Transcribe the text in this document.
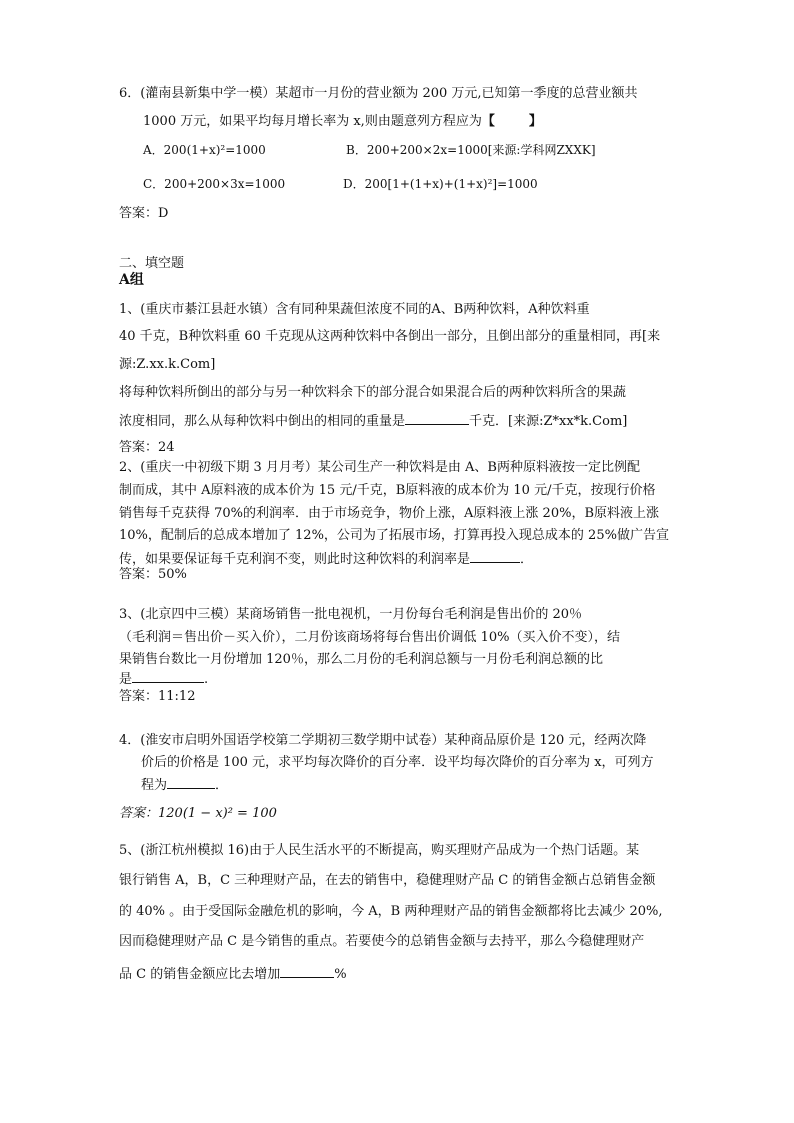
6．(灌南县新集中学一模）某超市一月份的营业额为 200 万元,已知第一季度的总营业额共
1000 万元，如果平均每月增长率为 x,则由题意列方程应为【	】
A．200(1+x)²=1000	B．200+200×2x=1000[来源:学科网ZXXK]
C．200+200×3x=1000	D．200[1+(1+x)+(1+x)²]=1000
答案：D
二、填空题
A组
1、(重庆市綦江县赶水镇）含有同种果蔬但浓度不同的A、B两种饮料，A种饮料重
40 千克，B种饮料重 60 千克现从这两种饮料中各倒出一部分，且倒出部分的重量相同，再[来
源:Z.xx.k.Com]
将每种饮料所倒出的部分与另一种饮料余下的部分混合如果混合后的两种饮料所含的果蔬
浓度相同，那么从每种饮料中倒出的相同的重量是	千克．[来源:Z*xx*k.Com]
答案：24
2、(重庆一中初级下期 3 月月考）某公司生产一种饮料是由 A、B两种原料液按一定比例配
制而成，其中 A原料液的成本价为 15 元/千克，B原料液的成本价为 10 元/千克，按现行价格
销售每千克获得 70%的利润率．由于市场竞争，物价上涨，A原料液上涨 20%，B原料液上涨
10%，配制后的总成本增加了 12%，公司为了拓展市场，打算再投入现总成本的 25%做广告宣
传，如果要保证每千克利润不变，则此时这种饮料的利润率是	．
答案：50%
3、(北京四中三模）某商场销售一批电视机，一月份每台毛利润是售出价的 20％
（毛利润＝售出价－买入价），二月份该商场将每台售出价调低 10%（买入价不变），结
果销售台数比一月份增加 120％，那么二月份的毛利润总额与一月份毛利润总额的比
是	.
答案：11:12
4．(淮安市启明外国语学校第二学期初三数学期中试卷）某种商品原价是 120 元，经两次降
价后的价格是 100 元，求平均每次降价的百分率．设平均每次降价的百分率为 x，可列方
程为	．
答案：120(1 − x)² = 100
5、(浙江杭州模拟 16)由于人民生活水平的不断提高，购买理财产品成为一个热门话题。某
银行销售 A，B，C 三种理财产品，在去的销售中，稳健理财产品 C 的销售金额占总销售金额
的 40% 。由于受国际金融危机的影响，今 A，B 两种理财产品的销售金额都将比去减少 20%,
因而稳健理财产品 C 是今销售的重点。若要使今的总销售金额与去持平，那么今稳健理财产
品 C 的销售金额应比去增加	%
